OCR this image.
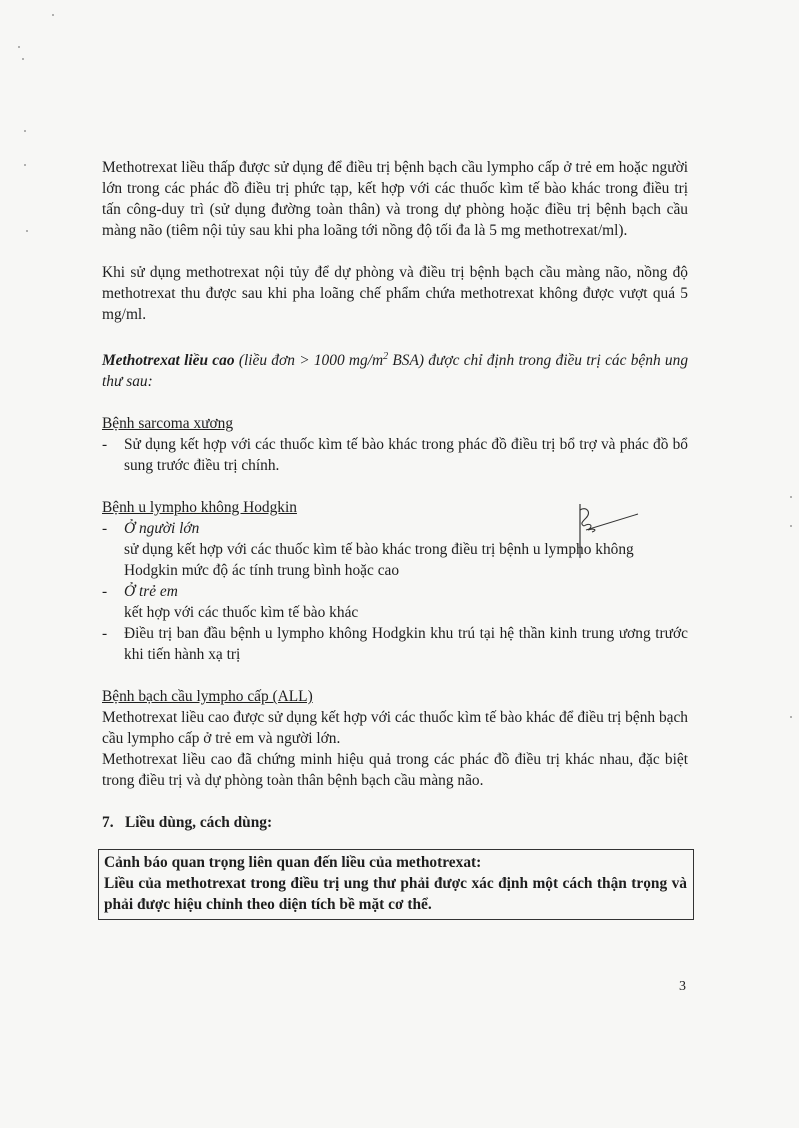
Methotrexat liều thấp được sử dụng để điều trị bệnh bạch cầu lympho cấp ở trẻ em hoặc người lớn trong các phác đồ điều trị phức tạp, kết hợp với các thuốc kìm tế bào khác trong điều trị tấn công-duy trì (sử dụng đường toàn thân) và trong dự phòng hoặc điều trị bệnh bạch cầu màng não (tiêm nội tủy sau khi pha loãng tới nồng độ tối đa là 5 mg methotrexat/ml).

Khi sử dụng methotrexat nội tủy để dự phòng và điều trị bệnh bạch cầu màng não, nồng độ methotrexat thu được sau khi pha loãng chế phẩm chứa methotrexat không được vượt quá 5 mg/ml.

Methotrexat liều cao (liều đơn > 1000 $mg/m^2$ BSA) được chỉ định trong điều trị các bệnh ung thư sau:

Bệnh sarcoma xương

- Sử dụng kết hợp với các thuốc kìm tế bào khác trong phác đồ điều trị bổ trợ và phác đồ bổ sung trước điều trị chính.

Bệnh u lympho không Hodgkin

- Ở người lớn

sử dụng kết hợp với các thuốc kìm tế bào khác trong điều trị bệnh u lympho không Hodgkin mức độ ác tính trung bình hoặc cao

- Ở trẻ em

kết hợp với các thuốc kìm tế bào khác

- Điều trị ban đầu bệnh u lympho không Hodgkin khu trú tại hệ thần kinh trung ương trước khi tiến hành xạ trị

Bệnh bạch cầu lympho cấp (ALL)

Methotrexat liều cao được sử dụng kết hợp với các thuốc kìm tế bào khác để điều trị bệnh bạch cầu lympho cấp ở trẻ em và người lớn.

Methotrexat liều cao đã chứng minh hiệu quả trong các phác đồ điều trị khác nhau, đặc biệt trong điều trị và dự phòng toàn thân bệnh bạch cầu màng não.

7. Liều dùng, cách dùng:

Cảnh báo quan trọng liên quan đến liều của methotrexat:

Liều của methotrexat trong điều trị ung thư phải được xác định một cách thận trọng và phải được hiệu chỉnh theo diện tích bề mặt cơ thể.

3
